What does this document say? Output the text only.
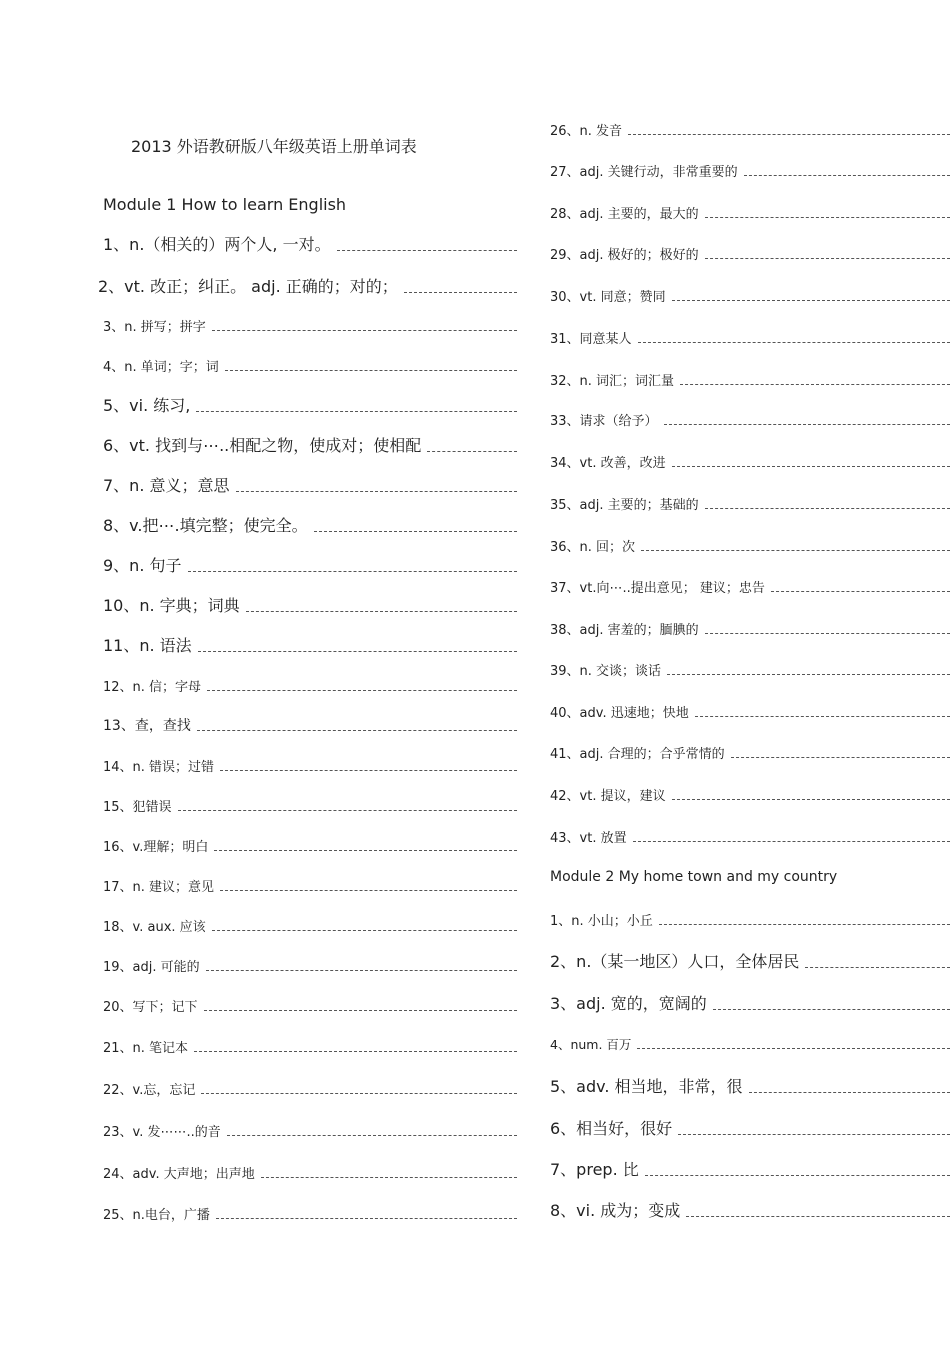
2013 外语教研版八年级英语上册单词表
Module 1 How to learn English
1、n.（相关的）两个人, 一对。
2、vt. 改正；纠正。 adj. 正确的；对的；
3、n. 拼写；拼字
4、n. 单词；字；词
5、vi. 练习,
6、vt. 找到与⋯..相配之物，使成对；使相配
7、n. 意义；意思
8、v.把⋯.填完整；使完全。
9、n. 句子
10、n. 字典；词典
11、n. 语法
12、n. 信；字母
13、查，查找
14、n. 错误；过错
15、犯错误
16、v.理解；明白
17、n. 建议；意见
18、v. aux. 应该
19、adj. 可能的
20、写下；记下
21、n. 笔记本
22、v.忘，忘记
23、v. 发⋯⋯..的音
24、adv. 大声地；出声地
25、n.电台，广播
26、n. 发音
27、adj. 关键行动，非常重要的
28、adj. 主要的，最大的
29、adj. 极好的；极好的
30、vt. 同意；赞同
31、同意某人
32、n. 词汇；词汇量
33、请求（给予）
34、vt. 改善，改进
35、adj. 主要的；基础的
36、n. 回；次
37、vt.向⋯..提出意见； 建议；忠告
38、adj. 害羞的；腼腆的
39、n. 交谈；谈话
40、adv. 迅速地；快地
41、adj. 合理的；合乎常情的
42、vt. 提议，建议
43、vt. 放置
Module 2 My home town and my country
1、n. 小山；小丘
2、n.（某一地区）人口，全体居民
3、adj. 宽的，宽阔的
4、num. 百万
5、adv. 相当地，非常，很
6、相当好，很好
7、prep. 比
8、vi. 成为；变成
